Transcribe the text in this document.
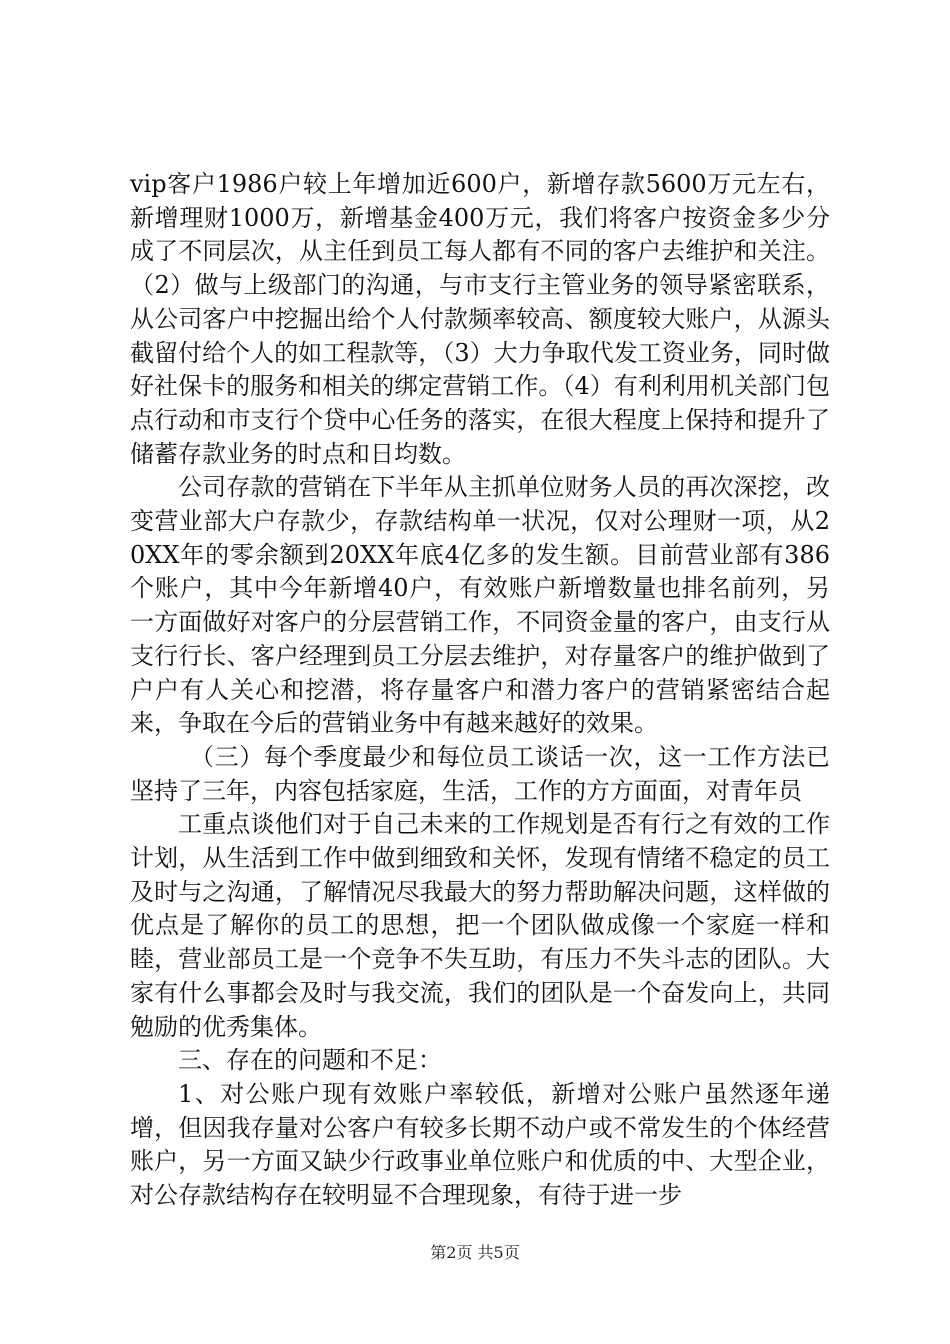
vip客户1986户较上年增加近600户，新增存款5600万元左右，新增理财1000万，新增基金400万元，我们将客户按资金多少分成了不同层次，从主任到员工每人都有不同的客户去维护和关注。（2）做与上级部门的沟通，与市支行主管业务的领导紧密联系，从公司客户中挖掘出给个人付款频率较高、额度较大账户，从源头截留付给个人的如工程款等，（3）大力争取代发工资业务，同时做好社保卡的服务和相关的绑定营销工作。（4）有利利用机关部门包点行动和市支行个贷中心任务的落实，在很大程度上保持和提升了储蓄存款业务的时点和日均数。

公司存款的营销在下半年从主抓单位财务人员的再次深挖，改变营业部大户存款少，存款结构单一状况，仅对公理财一项，从20XX年的零余额到20XX年底4亿多的发生额。目前营业部有386个账户，其中今年新增40户，有效账户新增数量也排名前列，另一方面做好对客户的分层营销工作，不同资金量的客户，由支行从支行行长、客户经理到员工分层去维护，对存量客户的维护做到了户户有人关心和挖潜，将存量客户和潜力客户的营销紧密结合起来，争取在今后的营销业务中有越来越好的效果。

（三）每个季度最少和每位员工谈话一次，这一工作方法已坚持了三年，内容包括家庭，生活，工作的方方面面，对青年员

工重点谈他们对于自己未来的工作规划是否有行之有效的工作计划，从生活到工作中做到细致和关怀，发现有情绪不稳定的员工及时与之沟通，了解情况尽我最大的努力帮助解决问题，这样做的优点是了解你的员工的思想，把一个团队做成像一个家庭一样和睦，营业部员工是一个竞争不失互助，有压力不失斗志的团队。大家有什么事都会及时与我交流，我们的团队是一个奋发向上，共同勉励的优秀集体。

三、存在的问题和不足：

1、对公账户现有效账户率较低，新增对公账户虽然逐年递增，但因我存量对公客户有较多长期不动户或不常发生的个体经营账户，另一方面又缺少行政事业单位账户和优质的中、大型企业，对公存款结构存在较明显不合理现象，有待于进一步

第2页 共5页
